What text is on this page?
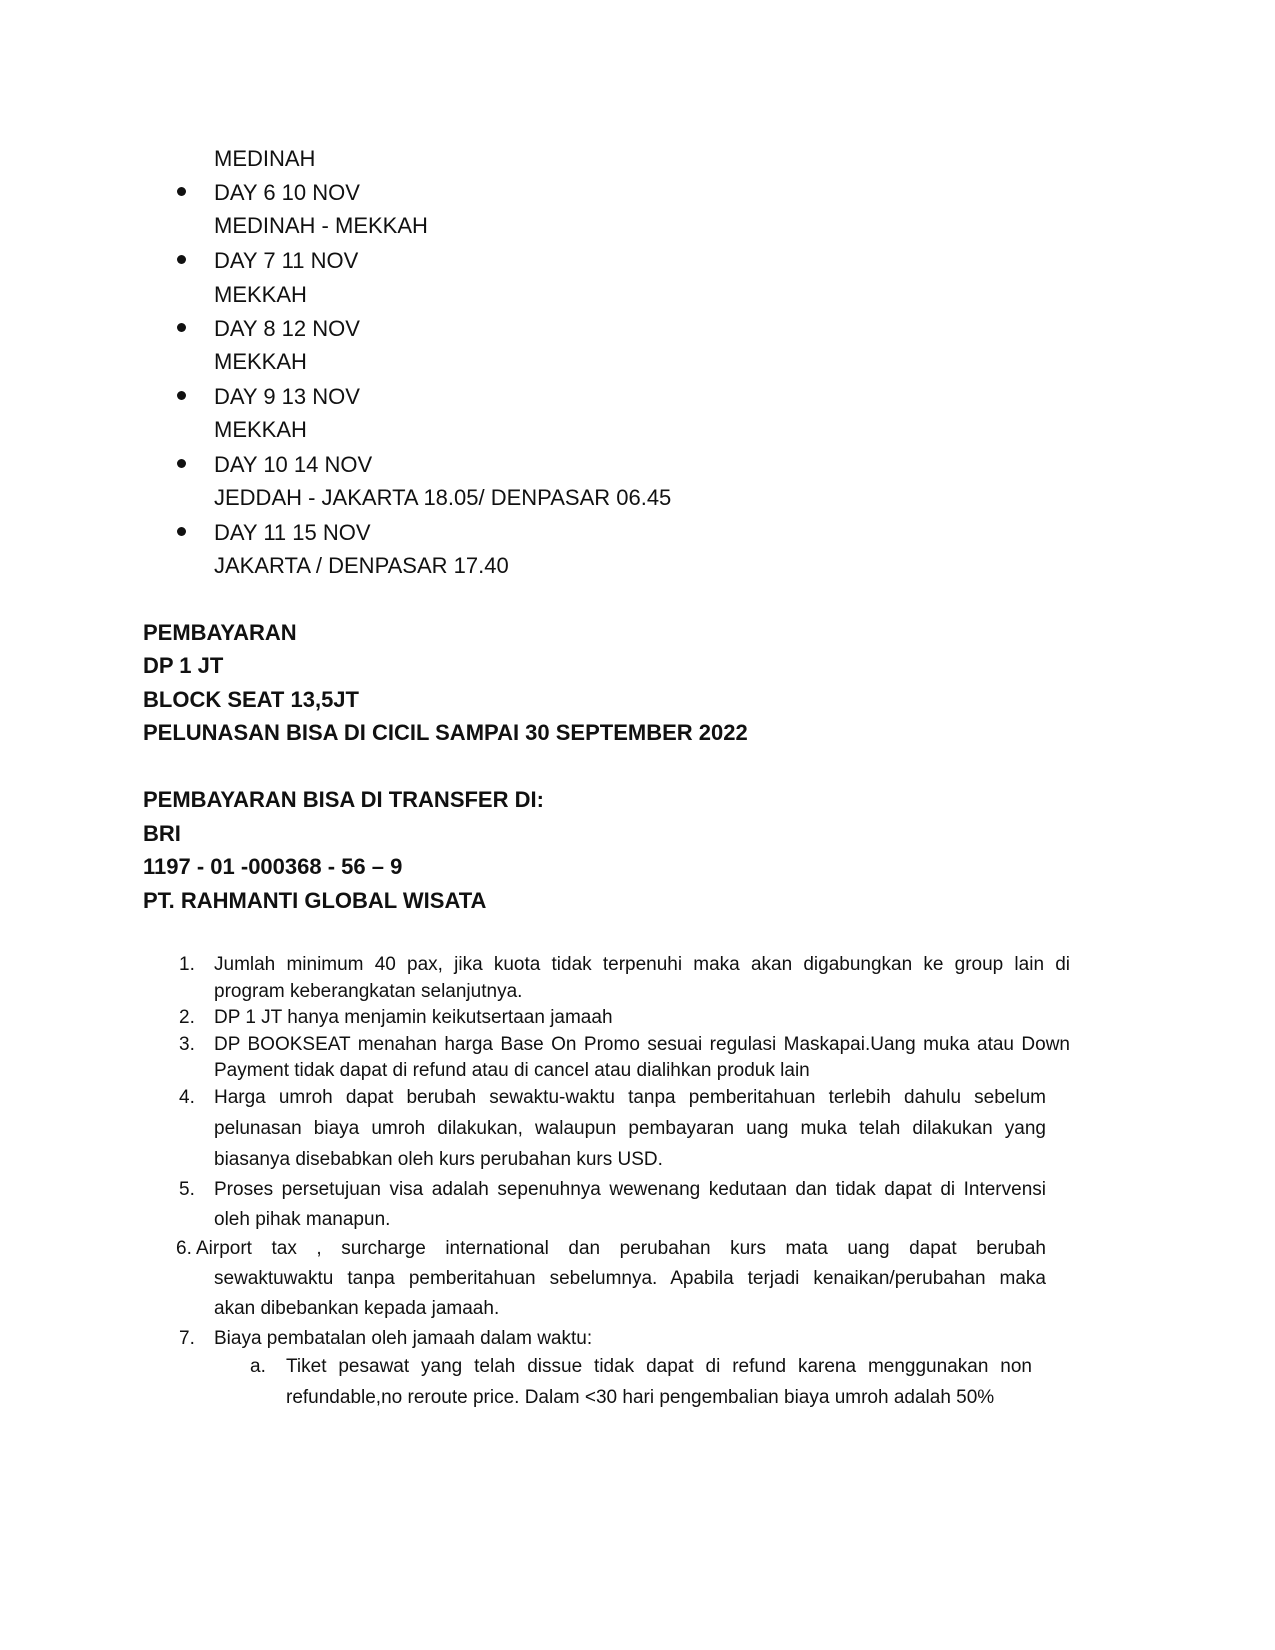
MEDINAH
DAY 6 10 NOV
MEDINAH - MEKKAH
DAY 7 11 NOV
MEKKAH
DAY 8 12 NOV
MEKKAH
DAY 9 13 NOV
MEKKAH
DAY 10 14 NOV
JEDDAH - JAKARTA 18.05/ DENPASAR 06.45
DAY 11 15 NOV
JAKARTA / DENPASAR 17.40
PEMBAYARAN
DP 1 JT
BLOCK SEAT 13,5JT
PELUNASAN BISA DI CICIL SAMPAI 30 SEPTEMBER 2022
PEMBAYARAN BISA DI TRANSFER DI:
BRI
1197 - 01 -000368 - 56 – 9
PT. RAHMANTI GLOBAL WISATA
1. Jumlah minimum 40 pax, jika kuota tidak terpenuhi maka akan digabungkan ke group lain di
program keberangkatan selanjutnya.
2. DP 1 JT hanya menjamin keikutsertaan jamaah
3. DP BOOKSEAT menahan harga Base On Promo sesuai regulasi Maskapai.Uang muka atau Down
Payment tidak dapat di refund atau di cancel atau dialihkan produk lain
4. Harga umroh dapat berubah sewaktu-waktu tanpa pemberitahuan terlebih dahulu sebelum
pelunasan biaya umroh dilakukan, walaupun pembayaran uang muka telah dilakukan yang
biasanya disebabkan oleh kurs perubahan kurs USD.
5. Proses persetujuan visa adalah sepenuhnya wewenang kedutaan dan tidak dapat di Intervensi
oleh pihak manapun.
6. Airport tax , surcharge international dan perubahan kurs mata uang dapat berubah
sewaktuwaktu tanpa pemberitahuan sebelumnya. Apabila terjadi kenaikan/perubahan maka
akan dibebankan kepada jamaah.
7. Biaya pembatalan oleh jamaah dalam waktu:
a. Tiket pesawat yang telah dissue tidak dapat di refund karena menggunakan non
refundable,no reroute price. Dalam <30 hari pengembalian biaya umroh adalah 50%
